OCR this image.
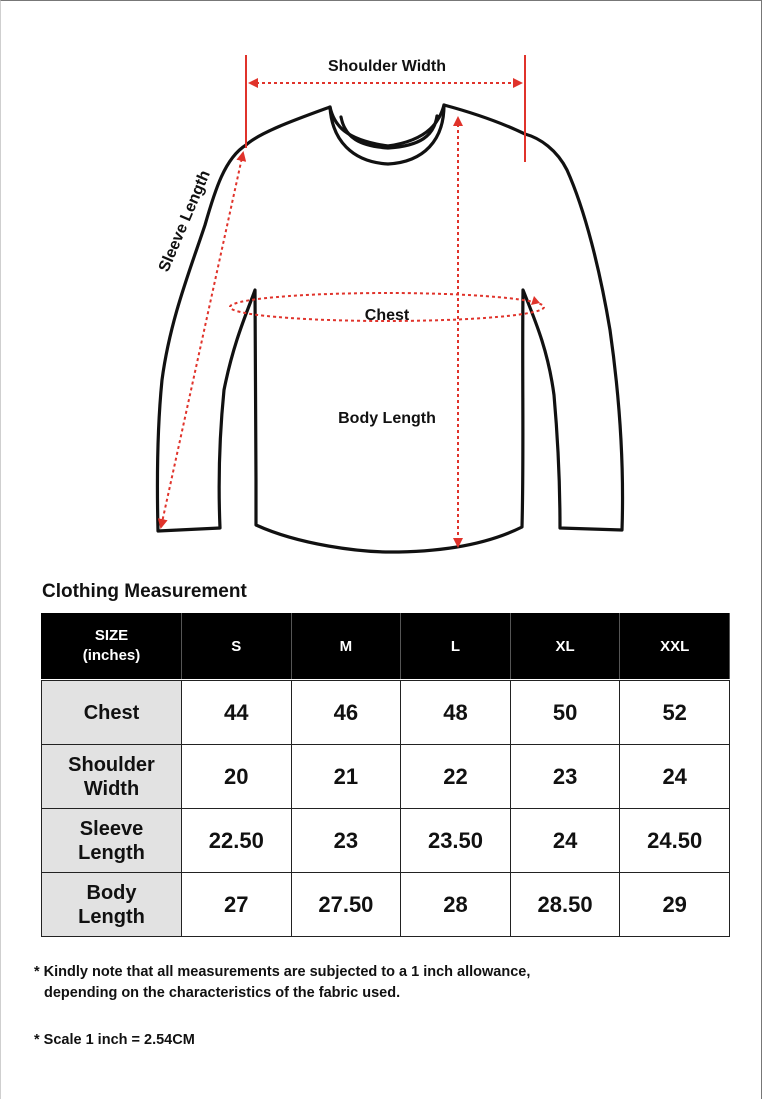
Shoulder Width
Sleeve Length
Chest
Body Length
Clothing Measurement
SIZE
(inches)	S	M	L	XL	XXL

Chest	44	46	48	50	52

Shoulder
Width	20	21	22	23	24

Sleeve
Length	22.50	23	23.50	24	24.50

Body
Length	27	27.50	28	28.50	29
* Kindly note that all measurements are subjected to a 1 inch allowance,
depending on the characteristics of the fabric used.
* Scale 1 inch = 2.54CM
